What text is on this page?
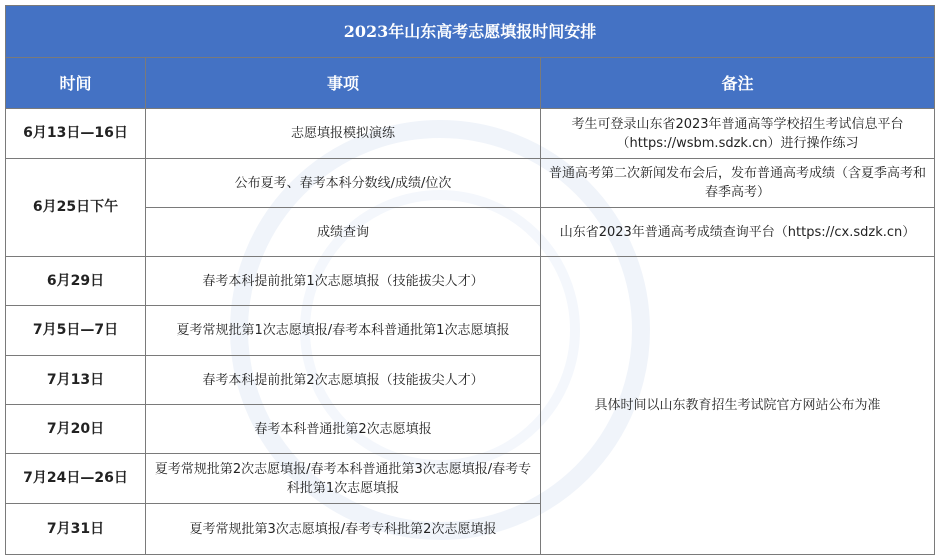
2023年山东高考志愿填报时间安排		
时间	事项	备注
6月13日—16日	志愿填报模拟演练	考生可登录山东省2023年普通高等学校招生考试信息平台（https://wsbm.sdzk.cn）进行操作练习
6月25日下午	公布夏考、春考本科分数线/成绩/位次	普通高考第二次新闻发布会后，发布普通高考成绩（含夏季高考和春季高考）
	成绩查询	山东省2023年普通高考成绩查询平台（https://cx.sdzk.cn）
6月29日	春考本科提前批第1次志愿填报（技能拔尖人才）	具体时间以山东教育招生考试院官方网站公布为准
7月5日—7日	夏考常规批第1次志愿填报/春考本科普通批第1次志愿填报	
7月13日	春考本科提前批第2次志愿填报（技能拔尖人才）	
7月20日	春考本科普通批第2次志愿填报	
7月24日—26日	夏考常规批第2次志愿填报/春考本科普通批第3次志愿填报/春考专科批第1次志愿填报	
7月31日	夏考常规批第3次志愿填报/春考专科批第2次志愿填报	
